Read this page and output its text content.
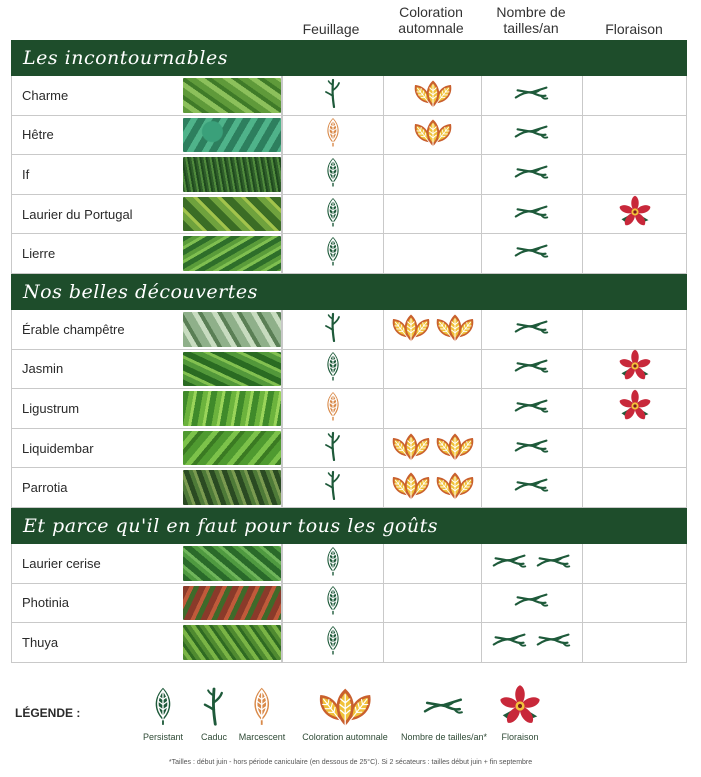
Feuillage
Coloration
automnale
Nombre de
tailles/an	Floraison
Les incontournables
Charme
Hêtre
If
Laurier du Portugal
Lierre
Nos belles découvertes
Érable champêtre
Jasmin
Ligustrum
Liquidembar
Parrotia
Et parce qu'il en faut pour tous les goûts
Laurier cerise
Photinia
Thuya
LÉGENDE :
Persistant Caduc Marcescent Coloration automnale Nombre de tailles/an* Floraison
*Tailles : début juin - hors période caniculaire (en dessous de 25°C). Si 2 sécateurs : tailles début juin + fin septembre
